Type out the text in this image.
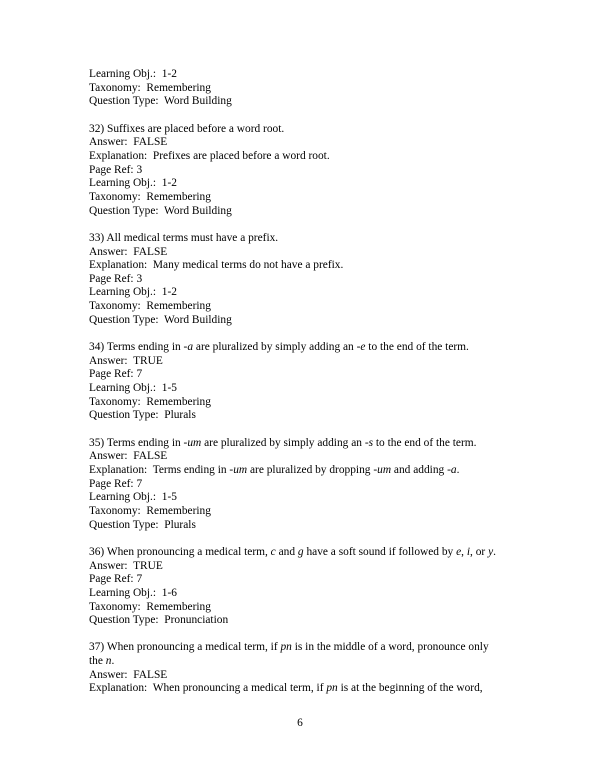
Learning Obj.:  1-2
Taxonomy:  Remembering
Question Type:  Word Building
32) Suffixes are placed before a word root.
Answer:  FALSE
Explanation:  Prefixes are placed before a word root.
Page Ref: 3
Learning Obj.:  1-2
Taxonomy:  Remembering
Question Type:  Word Building
33) All medical terms must have a prefix.
Answer:  FALSE
Explanation:  Many medical terms do not have a prefix.
Page Ref: 3
Learning Obj.:  1-2
Taxonomy:  Remembering
Question Type:  Word Building
34) Terms ending in -a are pluralized by simply adding an -e to the end of the term.
Answer:  TRUE
Page Ref: 7
Learning Obj.:  1-5
Taxonomy:  Remembering
Question Type:  Plurals
35) Terms ending in -um are pluralized by simply adding an -s to the end of the term.
Answer:  FALSE
Explanation:  Terms ending in -um are pluralized by dropping -um and adding -a.
Page Ref: 7
Learning Obj.:  1-5
Taxonomy:  Remembering
Question Type:  Plurals
36) When pronouncing a medical term, c and g have a soft sound if followed by e, i, or y.
Answer:  TRUE
Page Ref: 7
Learning Obj.:  1-6
Taxonomy:  Remembering
Question Type:  Pronunciation
37) When pronouncing a medical term, if pn is in the middle of a word, pronounce only
the n.
Answer:  FALSE
Explanation:  When pronouncing a medical term, if pn is at the beginning of the word,
6
